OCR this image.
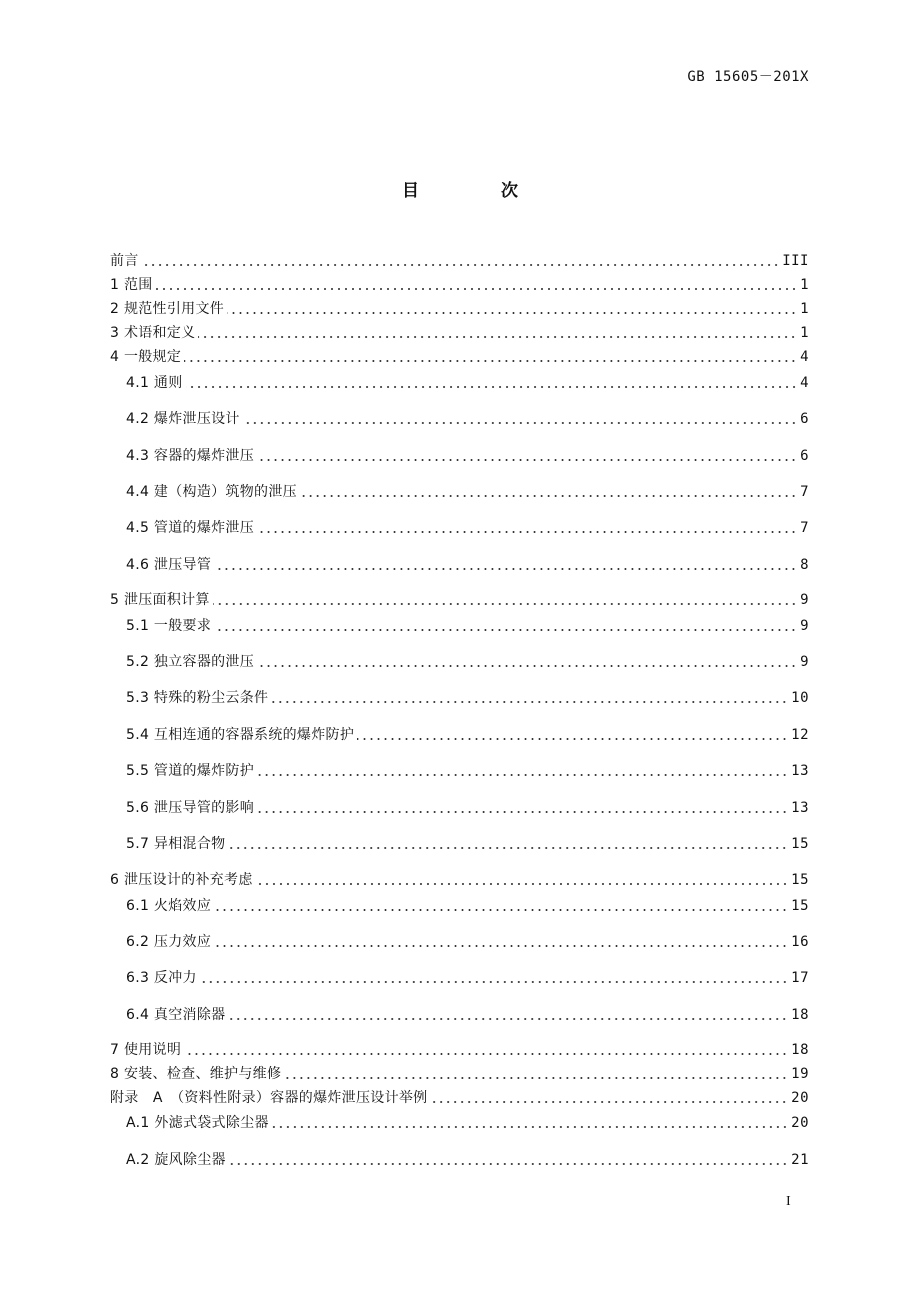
GB 15605－201X
目 次
前言	III
1 范围	1
2 规范性引用文件	1
3 术语和定义	1
4 一般规定	4
4.1 通则	4
4.2 爆炸泄压设计	6
4.3 容器的爆炸泄压	6
4.4 建（构造）筑物的泄压	7
4.5 管道的爆炸泄压	7
4.6 泄压导管	8
5 泄压面积计算	9
5.1 一般要求	9
5.2 独立容器的泄压	9
5.3 特殊的粉尘云条件	10
5.4 互相连通的容器系统的爆炸防护	12
5.5 管道的爆炸防护	13
5.6 泄压导管的影响	13
5.7 异相混合物	15
6 泄压设计的补充考虑	15
6.1 火焰效应	15
6.2 压力效应	16
6.3 反冲力	17
6.4 真空消除器	18
7 使用说明	18
8 安装、检查、维护与维修	19
附录　A　（资料性附录）容器的爆炸泄压设计举例	20
A.1 外滤式袋式除尘器	20
A.2 旋风除尘器	21
I
